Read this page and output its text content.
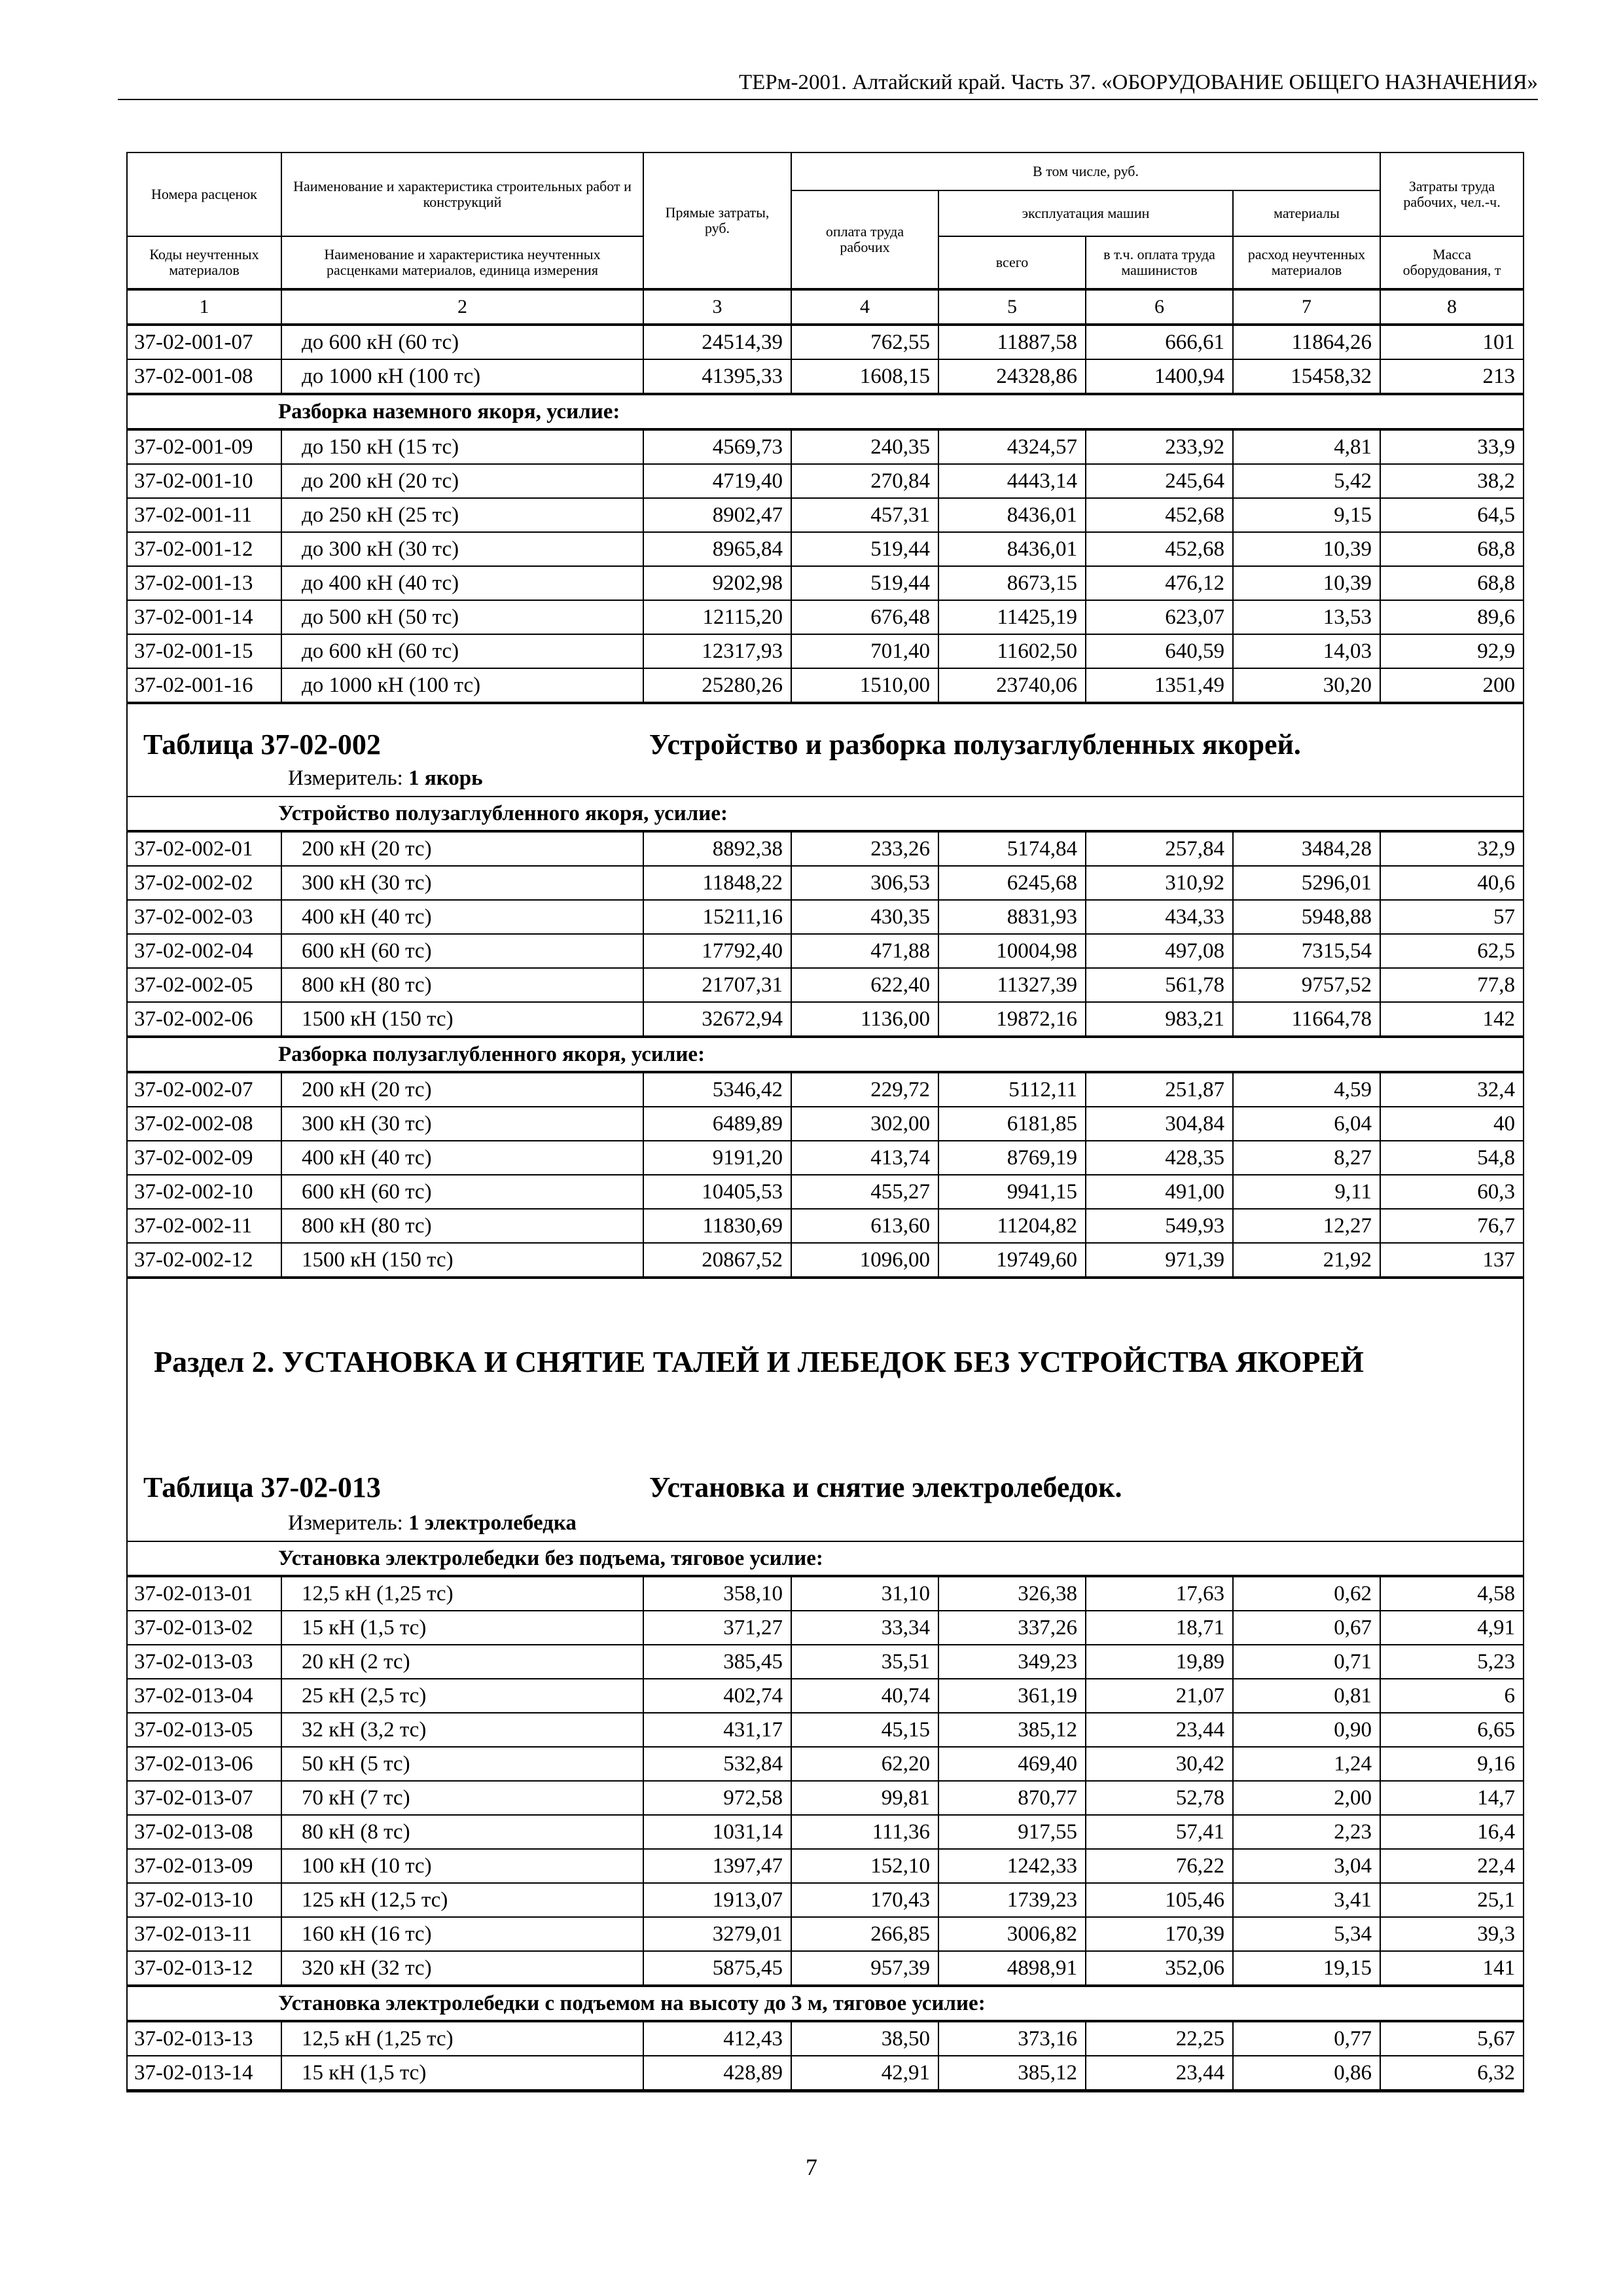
ТЕРм-2001. Алтайский край. Часть 37. «ОБОРУДОВАНИЕ ОБЩЕГО НАЗНАЧЕНИЯ»
Номера расценок	Наименование и характеристика строительных работ и конструкций	Прямые затраты, руб.	В том числе, руб.				Затраты труда рабочих, чел.-ч.
			оплата труда рабочих	эксплуатация машин		материалы	
Коды неучтенных материалов	Наименование и характеристика неучтенных расценками материалов, единица измерения			всего	в т.ч. оплата труда машинистов	расход неучтенных материалов	Масса оборудования, т
1	2	3	4	5	6	7	8
37-02-001-07	до 600 кН (60 тс)	24514,39	762,55	11887,58	666,61	11864,26	101
37-02-001-08	до 1000 кН (100 тс)	41395,33	1608,15	24328,86	1400,94	15458,32	213
Разборка наземного якоря, усилие:
37-02-001-09	до 150 кН (15 тс)	4569,73	240,35	4324,57	233,92	4,81	33,9
37-02-001-10	до 200 кН (20 тс)	4719,40	270,84	4443,14	245,64	5,42	38,2
37-02-001-11	до 250 кН (25 тс)	8902,47	457,31	8436,01	452,68	9,15	64,5
37-02-001-12	до 300 кН (30 тс)	8965,84	519,44	8436,01	452,68	10,39	68,8
37-02-001-13	до 400 кН (40 тс)	9202,98	519,44	8673,15	476,12	10,39	68,8
37-02-001-14	до 500 кН (50 тс)	12115,20	676,48	11425,19	623,07	13,53	89,6
37-02-001-15	до 600 кН (60 тс)	12317,93	701,40	11602,50	640,59	14,03	92,9
37-02-001-16	до 1000 кН (100 тс)	25280,26	1510,00	23740,06	1351,49	30,20	200
Таблица 37-02-002	Устройство и разборка полузаглубленных якорей.
Измеритель: 1 якорь
Устройство полузаглубленного якоря, усилие:
37-02-002-01	200 кН (20 тс)	8892,38	233,26	5174,84	257,84	3484,28	32,9
37-02-002-02	300 кН (30 тс)	11848,22	306,53	6245,68	310,92	5296,01	40,6
37-02-002-03	400 кН (40 тс)	15211,16	430,35	8831,93	434,33	5948,88	57
37-02-002-04	600 кН (60 тс)	17792,40	471,88	10004,98	497,08	7315,54	62,5
37-02-002-05	800 кН (80 тс)	21707,31	622,40	11327,39	561,78	9757,52	77,8
37-02-002-06	1500 кН (150 тс)	32672,94	1136,00	19872,16	983,21	11664,78	142
Разборка полузаглубленного якоря, усилие:
37-02-002-07	200 кН (20 тс)	5346,42	229,72	5112,11	251,87	4,59	32,4
37-02-002-08	300 кН (30 тс)	6489,89	302,00	6181,85	304,84	6,04	40
37-02-002-09	400 кН (40 тс)	9191,20	413,74	8769,19	428,35	8,27	54,8
37-02-002-10	600 кН (60 тс)	10405,53	455,27	9941,15	491,00	9,11	60,3
37-02-002-11	800 кН (80 тс)	11830,69	613,60	11204,82	549,93	12,27	76,7
37-02-002-12	1500 кН (150 тс)	20867,52	1096,00	19749,60	971,39	21,92	137
Раздел 2. УСТАНОВКА И СНЯТИЕ ТАЛЕЙ И ЛЕБЕДОК БЕЗ УСТРОЙСТВА ЯКОРЕЙ
Таблица 37-02-013	Установка и снятие электролебедок.
Измеритель: 1 электролебедка
Установка электролебедки без подъема, тяговое усилие:
37-02-013-01	12,5 кН (1,25 тс)	358,10	31,10	326,38	17,63	0,62	4,58
37-02-013-02	15 кН (1,5 тс)	371,27	33,34	337,26	18,71	0,67	4,91
37-02-013-03	20 кН (2 тс)	385,45	35,51	349,23	19,89	0,71	5,23
37-02-013-04	25 кН (2,5 тс)	402,74	40,74	361,19	21,07	0,81	6
37-02-013-05	32 кН (3,2 тс)	431,17	45,15	385,12	23,44	0,90	6,65
37-02-013-06	50 кН (5 тс)	532,84	62,20	469,40	30,42	1,24	9,16
37-02-013-07	70 кН (7 тс)	972,58	99,81	870,77	52,78	2,00	14,7
37-02-013-08	80 кН (8 тс)	1031,14	111,36	917,55	57,41	2,23	16,4
37-02-013-09	100 кН (10 тс)	1397,47	152,10	1242,33	76,22	3,04	22,4
37-02-013-10	125 кН (12,5 тс)	1913,07	170,43	1739,23	105,46	3,41	25,1
37-02-013-11	160 кН (16 тс)	3279,01	266,85	3006,82	170,39	5,34	39,3
37-02-013-12	320 кН (32 тс)	5875,45	957,39	4898,91	352,06	19,15	141
Установка электролебедки с подъемом на высоту до 3 м, тяговое усилие:
37-02-013-13	12,5 кН (1,25 тс)	412,43	38,50	373,16	22,25	0,77	5,67
37-02-013-14	15 кН (1,5 тс)	428,89	42,91	385,12	23,44	0,86	6,32
7
